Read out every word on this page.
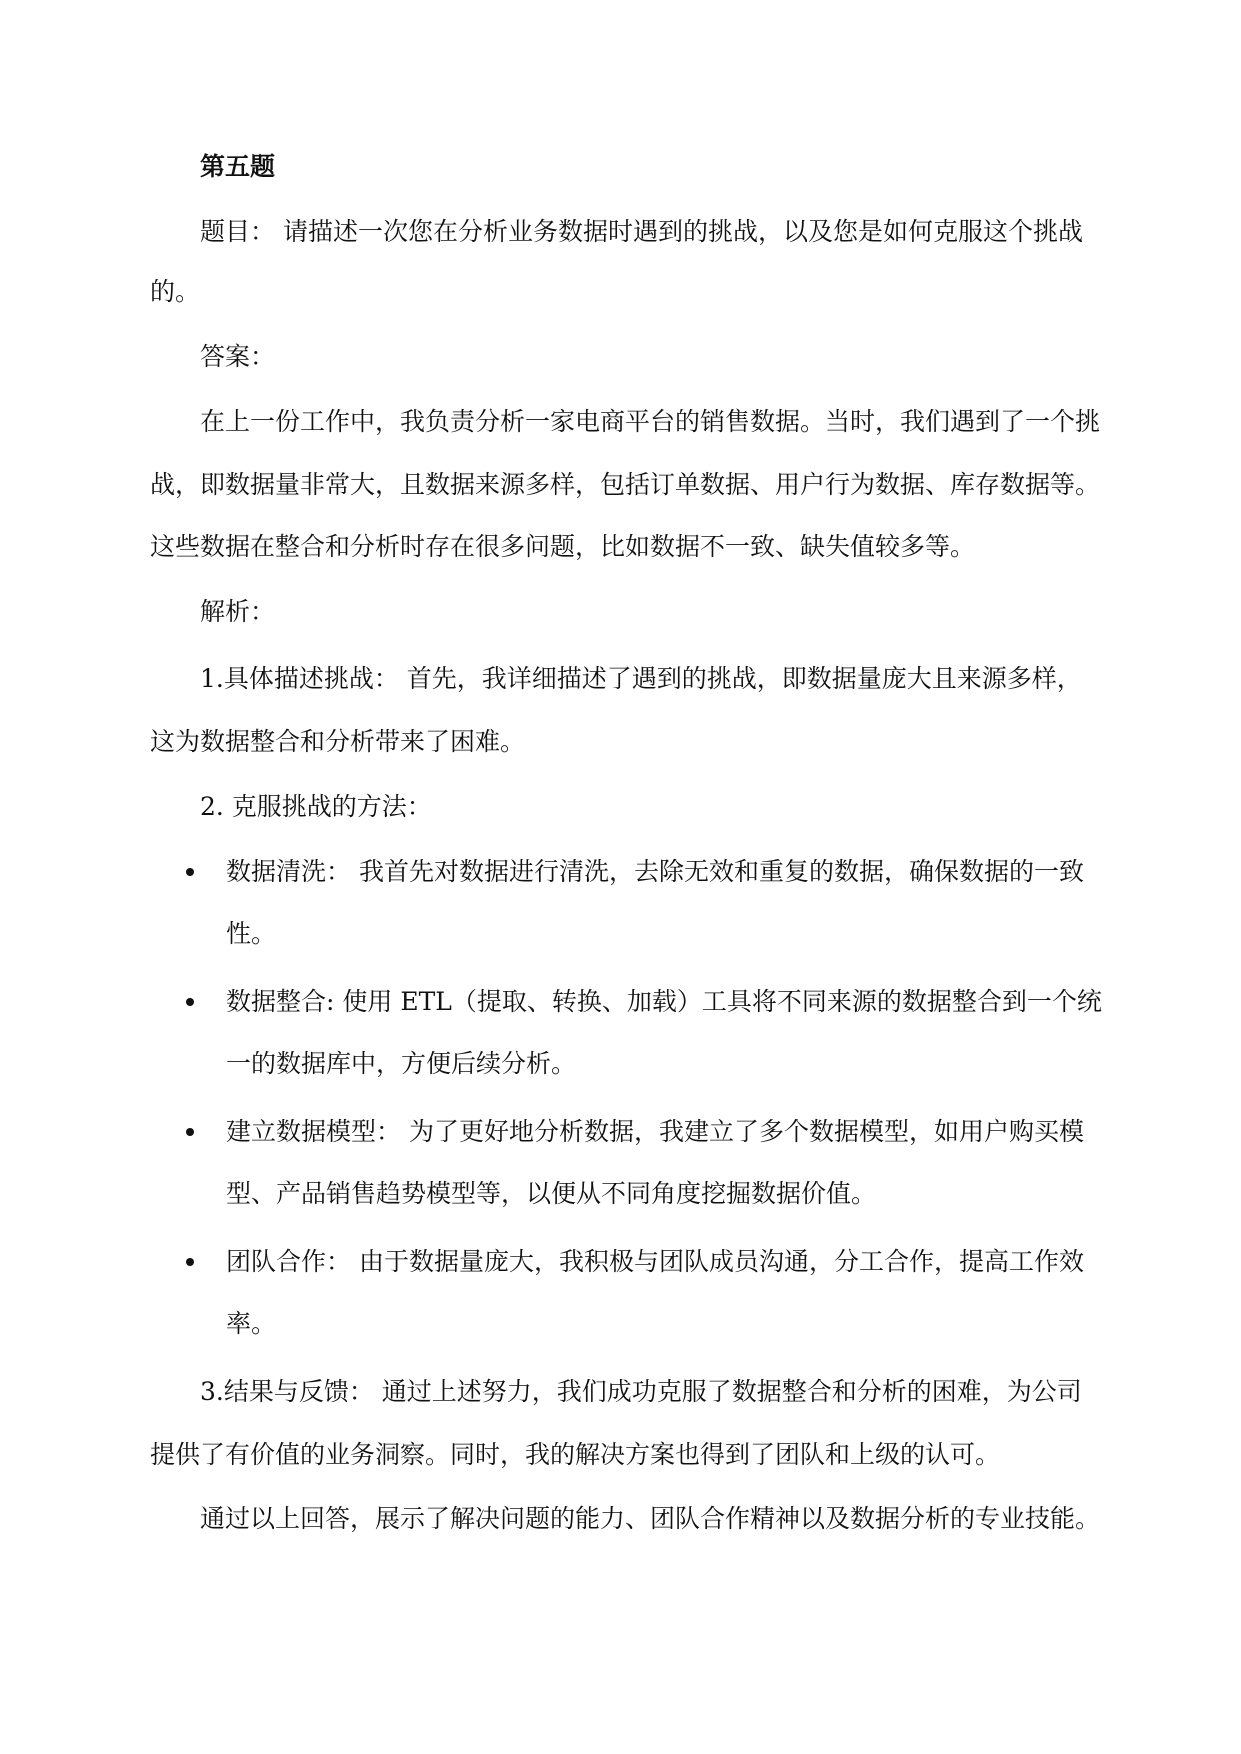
第五题
题目： 请描述一次您在分析业务数据时遇到的挑战，以及您是如何克服这个挑战
的。
答案：
在上一份工作中，我负责分析一家电商平台的销售数据。当时，我们遇到了一个挑
战，即数据量非常大，且数据来源多样，包括订单数据、用户行为数据、库存数据等。
这些数据在整合和分析时存在很多问题，比如数据不一致、缺失值较多等。
解析：
1.具体描述挑战： 首先，我详细描述了遇到的挑战，即数据量庞大且来源多样，
这为数据整合和分析带来了困难。
2. 克服挑战的方法：
数据清洗： 我首先对数据进行清洗，去除无效和重复的数据，确保数据的一致
性。
数据整合: 使用 ETL（提取、转换、加载）工具将不同来源的数据整合到一个统
一的数据库中，方便后续分析。
建立数据模型： 为了更好地分析数据，我建立了多个数据模型，如用户购买模
型、产品销售趋势模型等，以便从不同角度挖掘数据价值。
团队合作： 由于数据量庞大，我积极与团队成员沟通，分工合作，提高工作效
率。
3.结果与反馈： 通过上述努力，我们成功克服了数据整合和分析的困难，为公司
提供了有价值的业务洞察。同时，我的解决方案也得到了团队和上级的认可。
通过以上回答，展示了解决问题的能力、团队合作精神以及数据分析的专业技能。
